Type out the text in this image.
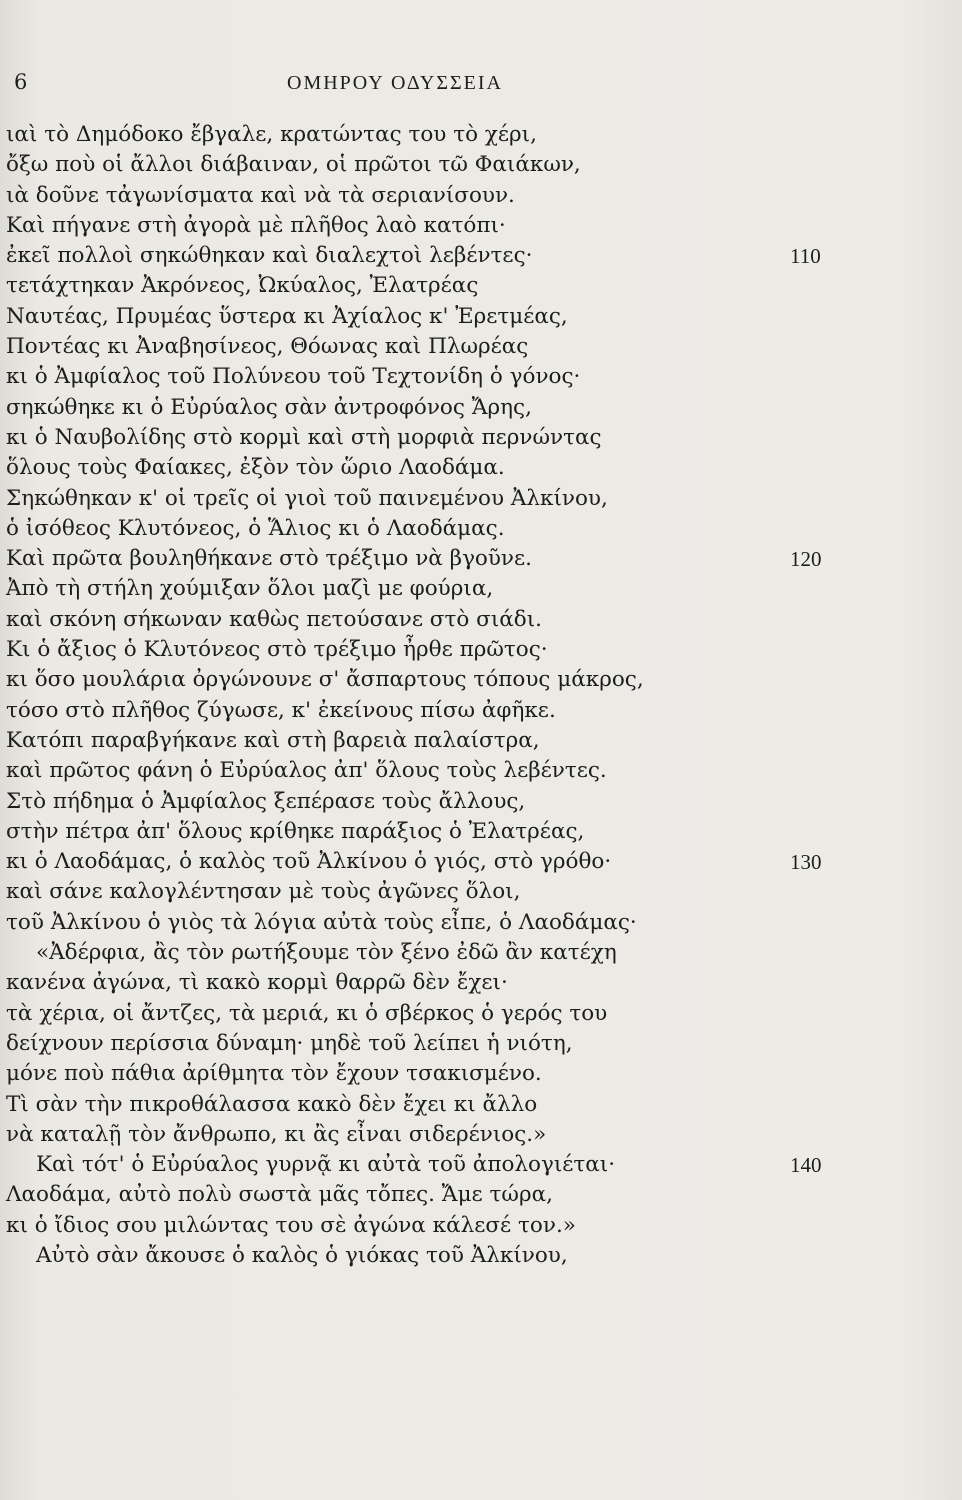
6	ΟΜΗΡΟΥ ΟΔΥΣΣΕΙΑ
ιαὶ τὸ Δημόδοκο ἔβγαλε, κρατώντας του τὸ χέρι,
ὄξω ποὺ οἱ ἄλλοι διάβαιναν, οἱ πρῶτοι τῶ Φαιάκων,
ιὰ δοῦνε τἀγωνίσματα καὶ νὰ τὰ σεριανίσουν.
Καὶ πήγανε στὴ ἀγορὰ μὲ πλῆθος λαὸ κατόπι·
ἐκεῖ πολλοὶ σηκώθηκαν καὶ διαλεχτοὶ λεβέντες·	110
τετάχτηκαν Ἀκρόνεος, Ὠκύαλος, Ἐλατρέας
Ναυτέας, Πρυμέας ὕστερα κι Ἀχίαλος κ' Ἐρετμέας,
Ποντέας κι Ἀναβησίνεος, Θόωνας καὶ Πλωρέας
κι ὁ Ἀμφίαλος τοῦ Πολύνεου τοῦ Τεχτονίδη ὁ γόνος·
σηκώθηκε κι ὁ Εὐρύαλος σὰν ἀντροφόνος Ἄρης,
κι ὁ Ναυβολίδης στὸ κορμὶ καὶ στὴ μορφιὰ περνώντας
ὅλους τοὺς Φαίακες, ἐξὸν τὸν ὥριο Λαοδάμα.
Σηκώθηκαν κ' οἱ τρεῖς οἱ γιοὶ τοῦ παινεμένου Ἀλκίνου,
ὁ ἰσόθεος Κλυτόνεος, ὁ Ἅλιος κι ὁ Λαοδάμας.
Καὶ πρῶτα βουληθήκανε στὸ τρέξιμο νὰ βγοῦνε.	120
Ἀπὸ τὴ στήλη χούμιξαν ὅλοι μαζὶ με φούρια,
καὶ σκόνη σήκωναν καθὼς πετούσανε στὸ σιάδι.
Κι ὁ ἄξιος ὁ Κλυτόνεος στὸ τρέξιμο ἦρθε πρῶτος·
κι ὅσο μουλάρια ὀργώνουνε σ' ἄσπαρτους τόπους μάκρος,
τόσο στὸ πλῆθος ζύγωσε, κ' ἐκείνους πίσω ἀφῆκε.
Κατόπι παραβγήκανε καὶ στὴ βαρειὰ παλαίστρα,
καὶ πρῶτος φάνη ὁ Εὐρύαλος ἀπ' ὅλους τοὺς λεβέντες.
Στὸ πήδημα ὁ Ἀμφίαλος ξεπέρασε τοὺς ἄλλους,
στὴν πέτρα ἀπ' ὅλους κρίθηκε παράξιος ὁ Ἐλατρέας,
κι ὁ Λαοδάμας, ὁ καλὸς τοῦ Ἀλκίνου ὁ γιός, στὸ γρόθο·	130
καὶ σάνε καλογλέντησαν μὲ τοὺς ἀγῶνες ὅλοι,
τοῦ Ἀλκίνου ὁ γιὸς τὰ λόγια αὐτὰ τοὺς εἶπε, ὁ Λαοδάμας·
«Ἀδέρφια, ἂς τὸν ρωτήξουμε τὸν ξένο ἐδῶ ἂν κατέχη
κανένα ἀγώνα, τὶ κακὸ κορμὶ θαρρῶ δὲν ἔχει·
τὰ χέρια, οἱ ἄντζες, τὰ μεριά, κι ὁ σβέρκος ὁ γερός του
δείχνουν περίσσια δύναμη· μηδὲ τοῦ λείπει ἡ νιότη,
μόνε ποὺ πάθια ἀρίθμητα τὸν ἔχουν τσακισμένο.
Τὶ σὰν τὴν πικροθάλασσα κακὸ δὲν ἔχει κι ἄλλο
νὰ καταλῇ τὸν ἄνθρωπο, κι ἂς εἶναι σιδερένιος.»
Καὶ τότ' ὁ Εὐρύαλος γυρνᾷ κι αὐτὰ τοῦ ἀπολογιέται·	140
Λαοδάμα, αὐτὸ πολὺ σωστὰ μᾶς τὄπες. Ἄμε τώρα,
κι ὁ ἴδιος σου μιλώντας του σὲ ἀγώνα κάλεσέ τον.»
Αὐτὸ σὰν ἄκουσε ὁ καλὸς ὁ γιόκας τοῦ Ἀλκίνου,
